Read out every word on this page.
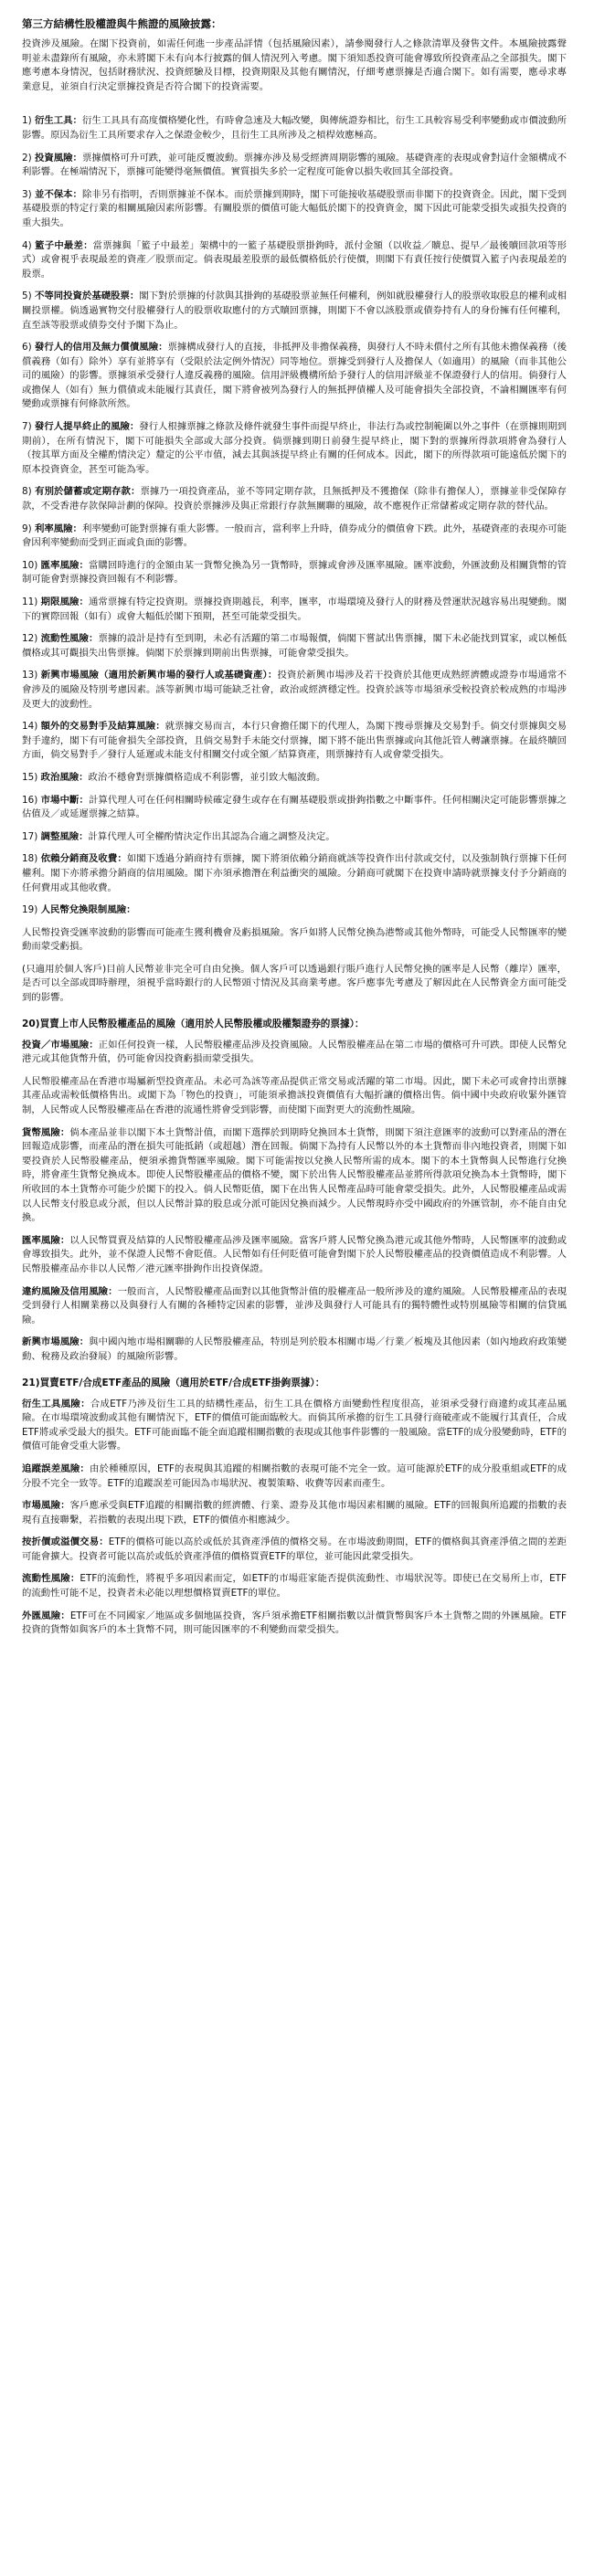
第三方結構性股權證與牛熊證的風險披露：
投資涉及風險。在閣下投資前，如需任何進一步產品詳情（包括風險因素），請參閱發行人之條款清單及發售文件。本風險披露聲明並未盡錄所有風險，亦未將閣下未有向本行披露的個人情況列入考慮。閣下須知悉投資可能會導致所投資產品之全部損失。閣下應考慮本身情況，包括財務狀況、投資經驗及目標，投資期限及其他有關情況，仔細考慮票據是否適合閣下。如有需要，應尋求專業意見，並須自行決定票據投資是否符合閣下的投資需要。
1) 衍生工具：衍生工具具有高度價格變化性，有時會急速及大幅改變，與傳統證券相比，衍生工具較容易受利率變動或市價波動所影響。原因為衍生工具所要求存入之保證金較少，且衍生工具所涉及之槓桿效應極高。
2) 投資風險：票據價格可升可跌，並可能反覆波動。票據亦涉及易受經濟周期影響的風險。基礎資產的表現或會對這什金額構成不利影響。在極端情況下，票據可能變得毫無價值。實質損失多於一定程度可能會以損失收回其全部投資。
3) 並不保本：除非另有指明，否則票據並不保本。而於票據到期時，閣下可能接收基礎股票而非閣下的投資資金。因此，閣下受到基礎股票的特定行業的相關風險因素所影響。有關股票的價值可能大幅低於閣下的投資資金，閣下因此可能蒙受損失或損失投資的重大損失。
4) 籃子中最差：當票據與「籃子中最差」架構中的一籃子基礎股票掛鉤時，派付金額（以收益／贖息、提早／最後贖回款項等形式）或會視乎表現最差的資產／股票而定。倘表現最差股票的最低價格低於行使價，則閣下有責任按行使價買入籃子內表現最差的股票。
5) 不等同投資於基礎股票：閣下對於票據的付款與其掛鉤的基礎股票並無任何權利，例如就股權發行人的股票收取股息的權利或相關投票權。倘透過實物交付股權發行人的股票收取應付的方式贖回票據，則閣下不會以該股票或債券持有人的身份擁有任何權利，直至該等股票或債券交付予閣下為止。
6) 發行人的信用及無力償債風險：票據構成發行人的直接，非抵押及非擔保義務，與發行人不時未償付之所有其他未擔保義務（後償義務（如有）除外）享有並將享有（受限於法定例外情況）同等地位。票據受到發行人及擔保人（如適用）的風險（而非其他公司的風險）的影響。票據須承受發行人違反義務的風險。信用評級機構所給予發行人的信用評級並不保證發行人的信用。倘發行人或擔保人（如有）無力償債或未能履行其責任，閣下將會被列為發行人的無抵押債權人及可能會損失全部投資，不論相關匯率有何變動或票據有何條款所然。
7) 發行人提早終止的風險：發行人根據票據之條款及條件就發生事件而提早終止，非法行為或控制範圍以外之事件（在票據則期到期前），在所有情況下，閣下可能損失全部或大部分投資。倘票據到期日前發生提早終止，閣下對的票據所得款項將會為發行人（按其單方面及全權酌情決定）釐定的公平市值，減去其與該提早終止有關的任何成本。因此，閣下的所得款項可能遠低於閣下的原本投資資金，甚至可能為零。
8) 有別於儲蓄或定期存款：票據乃一項投資產品，並不等同定期存款，且無抵押及不獲擔保（除非有擔保人），票據並非受保障存款，不受香港存款保障計劃的保障。投資於票據涉及與正常銀行存款無關聯的風險，故不應視作正常儲蓄或定期存款的替代品。
9) 利率風險：利率變動可能對票據有重大影響。一般而言，當利率上升時，債券成分的價值會下跌。此外，基礎資產的表現亦可能會因利率變動而受到正面或負面的影響。
10) 匯率風險：當購回時進行的金額由某一貨幣兌換為另一貨幣時，票據或會涉及匯率風險。匯率波動，外匯波動及相關貨幣的管制可能會對票據投資回報有不利影響。
11) 期限風險：通常票據有特定投資期。票據投資期越長，利率，匯率，市場環境及發行人的財務及營運狀況越容易出現變動。閣下的實際回報（如有）或會大幅低於閣下預期，甚至可能蒙受損失。
12) 流動性風險：票據的設計是持有至到期，未必有活躍的第二市場報價，倘閣下嘗試出售票據，閣下未必能找到買家，或以極低價格或其可觀損失出售票據。倘閣下於票據到期前出售票據，可能會蒙受損失。
13) 新興市場風險（適用於新興市場的發行人或基礎資產）：投資於新興市場涉及若干投資於其他更成熟經濟體或證券市場通常不會涉及的風險及特別考慮因素。該等新興市場可能缺乏社會，政治或經濟穩定性。投資於該等市場須承受較投資於較成熟的市場涉及更大的波動性。
14) 額外的交易對手及結算風險：就票據交易而言，本行只會擔任閣下的代理人，為閣下搜尋票據及交易對手。倘交付票據與交易對手違約，閣下有可能會損失全部投資，且倘交易對手未能交付票據，閣下將不能出售票據或向其他託管人轉讓票據。在最終贖回方面，倘交易對手／發行人延遲或未能支付相關交付或全額／結算資產，則票據持有人或會蒙受損失。
15) 政治風險：政治不穩會對票據價格造成不利影響，並引致大幅波動。
16) 市場中斷：計算代理人可在任何相關時候確定發生或存在有關基礎股票或掛鉤指數之中斷事件。任何相關決定可能影響票據之估值及／或延遲票據之結算。
17) 調整風險：計算代理人可全權酌情決定作出其認為合適之調整及決定。
18) 依賴分銷商及收費：如閣下透過分銷商持有票據，閣下將須依賴分銷商就該等投資作出付款或交付，以及強制執行票據下任何權利。閣下亦將承擔分銷商的信用風險。閣下亦須承擔潛在利益衝突的風險。分銷商可就閣下在投資申請時就票據支付予分銷商的任何費用或其他收費。
19) 人民幣兌換限制風險：
人民幣投資受匯率波動的影響而可能產生獲利機會及虧損風險。客戶如將人民幣兌換為港幣或其他外幣時，可能受人民幣匯率的變動而蒙受虧損。
(只適用於個人客戶)目前人民幣並非完全可自由兌換。個人客戶可以透過銀行賬戶進行人民幣兌換的匯率是人民幣（離岸）匯率，是否可以全部或即時辦理，須視乎當時銀行的人民幣頭寸情況及其商業考慮。客戶應事先考慮及了解因此在人民幣資金方面可能受到的影響。
20)買賣上市人民幣股權產品的風險（適用於人民幣股權或股權類證券的票據）：
投資／市場風險：正如任何投資一樣，人民幣股權產品涉及投資風險。人民幣股權產品在第二市場的價格可升可跌。即使人民幣兌港元或其他貨幣升值，仍可能會因投資虧損而蒙受損失。
人民幣股權產品在香港市場屬新型投資產品。未必可為該等產品提供正常交易或活躍的第二市場。因此，閣下未必可或會持出票據其產品或需較低價格售出。或閣下為「物色的投資」，可能須承擔該投資價值有大幅折讓的價格出售。倘中國中央政府收緊外匯管制，人民幣或人民幣股權產品在香港的流通性將會受到影響，而使閣下面對更大的流動性風險。
貨幣風險：倘本產品並非以閣下本土貨幣計值，而閣下選擇於到期時兌換回本土貨幣，則閣下須注意匯率的波動可以對產品的潛在回報造成影響，而產品的潛在損失可能抵銷（或超越）潛在回報。倘閣下為持有人民幣以外的本土貨幣而非內地投資者，則閣下如要投資於人民幣股權產品，便須承擔貨幣匯率風險。閣下可能需按以兌換人民幣所需的成本。閣下的本土貨幣與人民幣進行兌換時，將會產生貨幣兌換成本。即使人民幣股權產品的價格不變，閣下於出售人民幣股權產品並將所得款項兌換為本土貨幣時，閣下所收回的本土貨幣亦可能少於閣下的投入。倘人民幣貶值，閣下在出售人民幣產品時可能會蒙受損失。此外，人民幣股權產品或需以人民幣支付股息或分派，但以人民幣計算的股息或分派可能因兌換而減少。人民幣現時亦受中國政府的外匯管制，亦不能自由兌換。
匯率風險：以人民幣買賣及結算的人民幣股權產品涉及匯率風險。當客戶將人民幣兌換為港元或其他外幣時，人民幣匯率的波動或會導致損失。此外，並不保證人民幣不會貶值。人民幣如有任何貶值可能會對閣下於人民幣股權產品的投資價值造成不利影響。人民幣股權產品亦非以人民幣／港元匯率掛鉤作出投資保證。
違約風險及信用風險：一般而言，人民幣股權產品面對以其他貨幣計值的股權產品一般所涉及的違約風險。人民幣股權產品的表現受到發行人相關業務以及與發行人有關的各種特定因素的影響，並涉及與發行人可能具有的獨特體性或特別風險等相關的信貸風險。
新興市場風險：與中國內地市場相關聯的人民幣股權產品，特別是列於股本相關市場／行業／板塊及其他因素（如內地政府政策變動、稅務及政治發展）的風險所影響。
21)買賣ETF/合成ETF產品的風險（適用於ETF/合成ETF掛鉤票據）：
衍生工具風險：合成ETF乃涉及衍生工具的結構性產品，衍生工具在價格方面變動性程度很高，並須承受發行商違約或其產品風險。在市場環境波動或其他有關情況下，ETF的價值可能面臨較大。而倘其所承擔的衍生工具發行商破產或不能履行其責任，合成ETF將或承受最大的損失。ETF可能面臨不能全面追蹤相關指數的表現或其他事件影響的一般風險。當ETF的成分股變動時，ETF的價值可能會受重大影響。
追蹤誤差風險：由於種種原因，ETF的表現與其追蹤的相關指數的表現可能不完全一致。這可能源於ETF的成分股重組或ETF的成分股不完全一致等。ETF的追蹤誤差可能因為市場狀況、複製策略、收費等因素而產生。
市場風險：客戶應承受與ETF追蹤的相關指數的經濟體、行業、證券及其他市場因素相關的風險。ETF的回報與所追蹤的指數的表現有直接聯繫，若指數的表現出現下跌，ETF的價值亦相應減少。
按折價或溢價交易：ETF的價格可能以高於或低於其資產淨值的價格交易。在市場波動期間，ETF的價格與其資產淨值之間的差距可能會擴大。投資者可能以高於或低於資產淨值的價格買賣ETF的單位，並可能因此蒙受損失。
流動性風險：ETF的流動性，將視乎多項因素而定，如ETF的市場莊家能否提供流動性、市場狀況等。即使已在交易所上市，ETF的流動性可能不足，投資者未必能以理想價格買賣ETF的單位。
外匯風險：ETF可在不同國家／地區或多個地區投資，客戶須承擔ETF相關指數以計價貨幣與客戶本土貨幣之間的外匯風險。ETF投資的貨幣如與客戶的本土貨幣不同，則可能因匯率的不利變動而蒙受損失。
